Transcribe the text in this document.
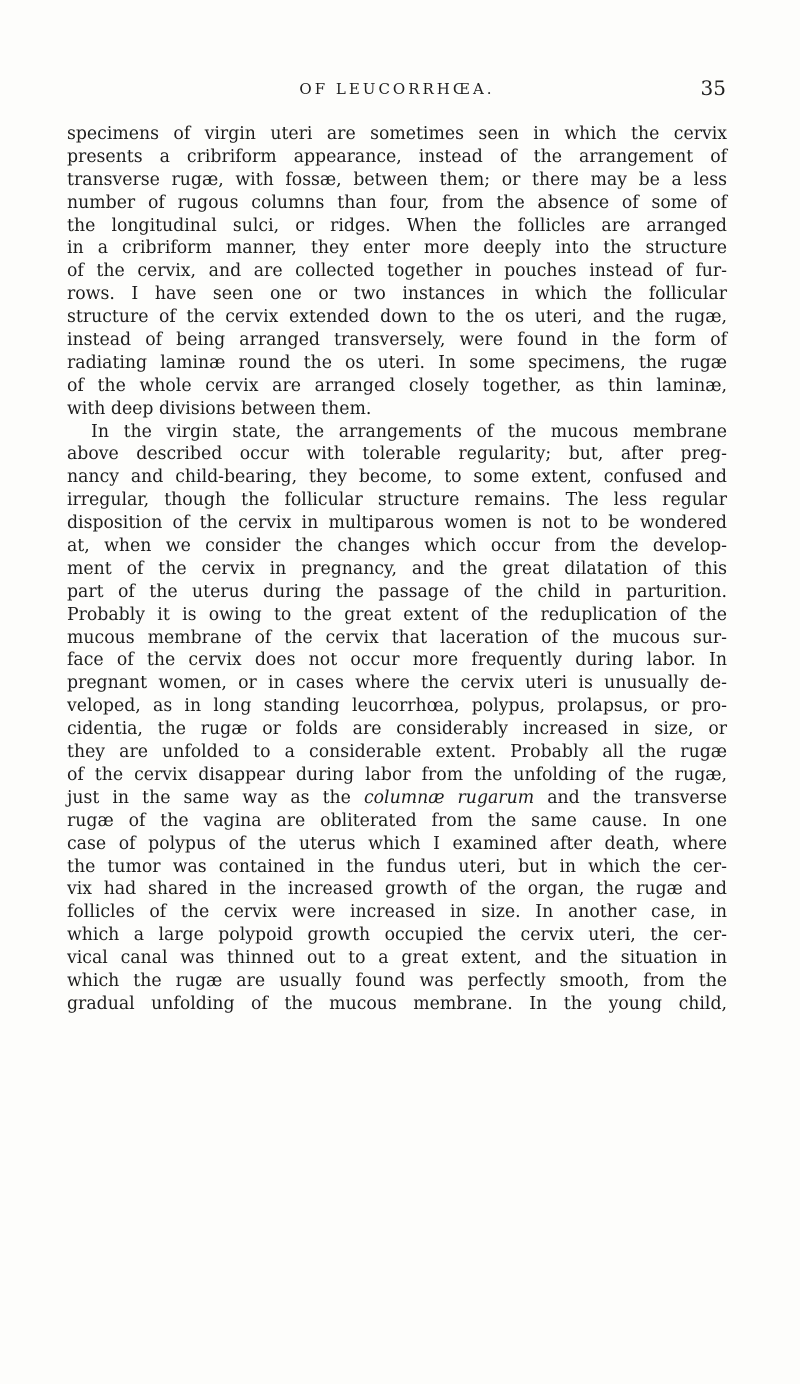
OF LEUCORRHŒA.	35
specimens of virgin uteri are sometimes seen in which the cervix
presents a cribriform appearance, instead of the arrangement of
transverse rugæ, with fossæ, between them; or there may be a less
number of rugous columns than four, from the absence of some of
the longitudinal sulci, or ridges. When the follicles are arranged
in a cribriform manner, they enter more deeply into the structure
of the cervix, and are collected together in pouches instead of fur-
rows. I have seen one or two instances in which the follicular
structure of the cervix extended down to the os uteri, and the rugæ,
instead of being arranged transversely, were found in the form of
radiating laminæ round the os uteri. In some specimens, the rugæ
of the whole cervix are arranged closely together, as thin laminæ,
with deep divisions between them.
In the virgin state, the arrangements of the mucous membrane
above described occur with tolerable regularity; but, after preg-
nancy and child-bearing, they become, to some extent, confused and
irregular, though the follicular structure remains. The less regular
disposition of the cervix in multiparous women is not to be wondered
at, when we consider the changes which occur from the develop-
ment of the cervix in pregnancy, and the great dilatation of this
part of the uterus during the passage of the child in parturition.
Probably it is owing to the great extent of the reduplication of the
mucous membrane of the cervix that laceration of the mucous sur-
face of the cervix does not occur more frequently during labor. In
pregnant women, or in cases where the cervix uteri is unusually de-
veloped, as in long standing leucorrhœa, polypus, prolapsus, or pro-
cidentia, the rugæ or folds are considerably increased in size, or
they are unfolded to a considerable extent. Probably all the rugæ
of the cervix disappear during labor from the unfolding of the rugæ,
just in the same way as the columnæ rugarum and the transverse
rugæ of the vagina are obliterated from the same cause. In one
case of polypus of the uterus which I examined after death, where
the tumor was contained in the fundus uteri, but in which the cer-
vix had shared in the increased growth of the organ, the rugæ and
follicles of the cervix were increased in size. In another case, in
which a large polypoid growth occupied the cervix uteri, the cer-
vical canal was thinned out to a great extent, and the situation in
which the rugæ are usually found was perfectly smooth, from the
gradual unfolding of the mucous membrane. In the young child,
